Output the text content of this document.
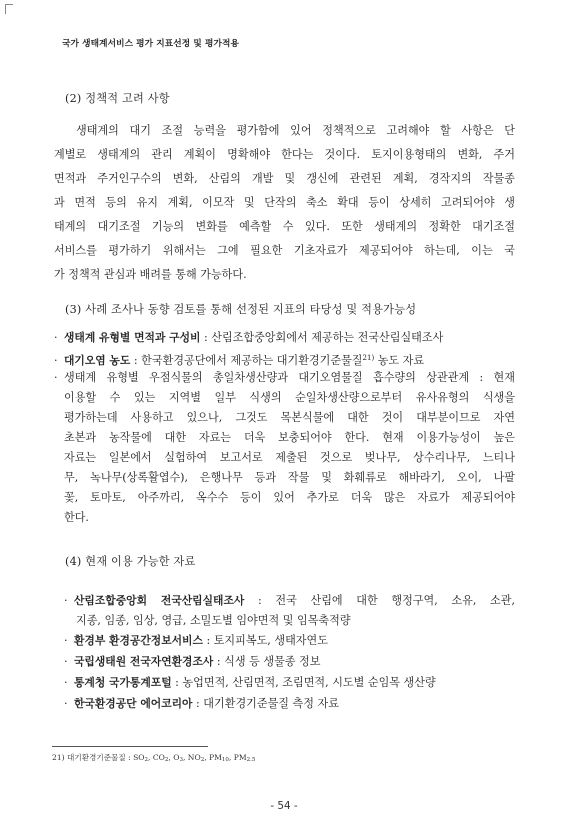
국가 생태계서비스 평가 지표선정 및 평가적용
(2) 정책적 고려 사항
생태계의 대기 조절 능력을 평가함에 있어 정책적으로 고려해야 할 사항은 단
계별로 생태계의 관리 계획이 명확해야 한다는 것이다. 토지이용형태의 변화, 주거
면적과 주거인구수의 변화, 산림의 개발 및 갱신에 관련된 계획, 경작지의 작물종
과 면적 등의 유지 계획, 이모작 및 단작의 축소 확대 등이 상세히 고려되어야 생
태계의 대기조절 기능의 변화를 예측할 수 있다. 또한 생태계의 정확한 대기조절
서비스를 평가하기 위해서는 그에 필요한 기초자료가 제공되어야 하는데, 이는 국
가 정책적 관심과 배려를 통해 가능하다.
(3) 사례 조사나 동향 검토를 통해 선정된 지표의 타당성 및 적용가능성
· 생태계 유형별 면적과 구성비 : 산림조합중앙회에서 제공하는 전국산림실태조사
· 대기오염 농도 : 한국환경공단에서 제공하는 대기환경기준물질$^{21)}$ 농도 자료
· 생태계 유형별 우점식물의 총일차생산량과 대기오염물질 흡수량의 상관관계 : 현재
이용할 수 있는 지역별 일부 식생의 순일차생산량으로부터 유사유형의 식생을
평가하는데 사용하고 있으나, 그것도 목본식물에 대한 것이 대부분이므로 자연
초본과 농작물에 대한 자료는 더욱 보충되어야 한다. 현재 이용가능성이 높은
자료는 일본에서 실험하여 보고서로 제출된 것으로 벚나무, 상수리나무, 느티나
무, 녹나무(상록활엽수), 은행나무 등과 작물 및 화훼류로 해바라기, 오이, 나팔
꽃, 토마토, 아주까리, 옥수수 등이 있어 추가로 더욱 많은 자료가 제공되어야
한다.
(4) 현재 이용 가능한 자료
· 산림조합중앙회 전국산림실태조사 : 전국 산림에 대한 행정구역, 소유, 소관,
지종, 임종, 임상, 영급, 소밀도별 임야면적 및 임목축적량
· 환경부 환경공간정보서비스 : 토지피복도, 생태자연도
· 국립생태원 전국자연환경조사 : 식생 등 생물종 정보
· 통계청 국가통계포털 : 농업면적, 산림면적, 조림면적, 시도별 순임목 생산량
· 한국환경공단 에어코리아 : 대기환경기준물질 측정 자료
21) 대기환경기준물질 : $SO_2$, $CO_2$, $O_3$, $NO_2$, $PM_{10}$, $PM_{2.5}$
- 54 -
